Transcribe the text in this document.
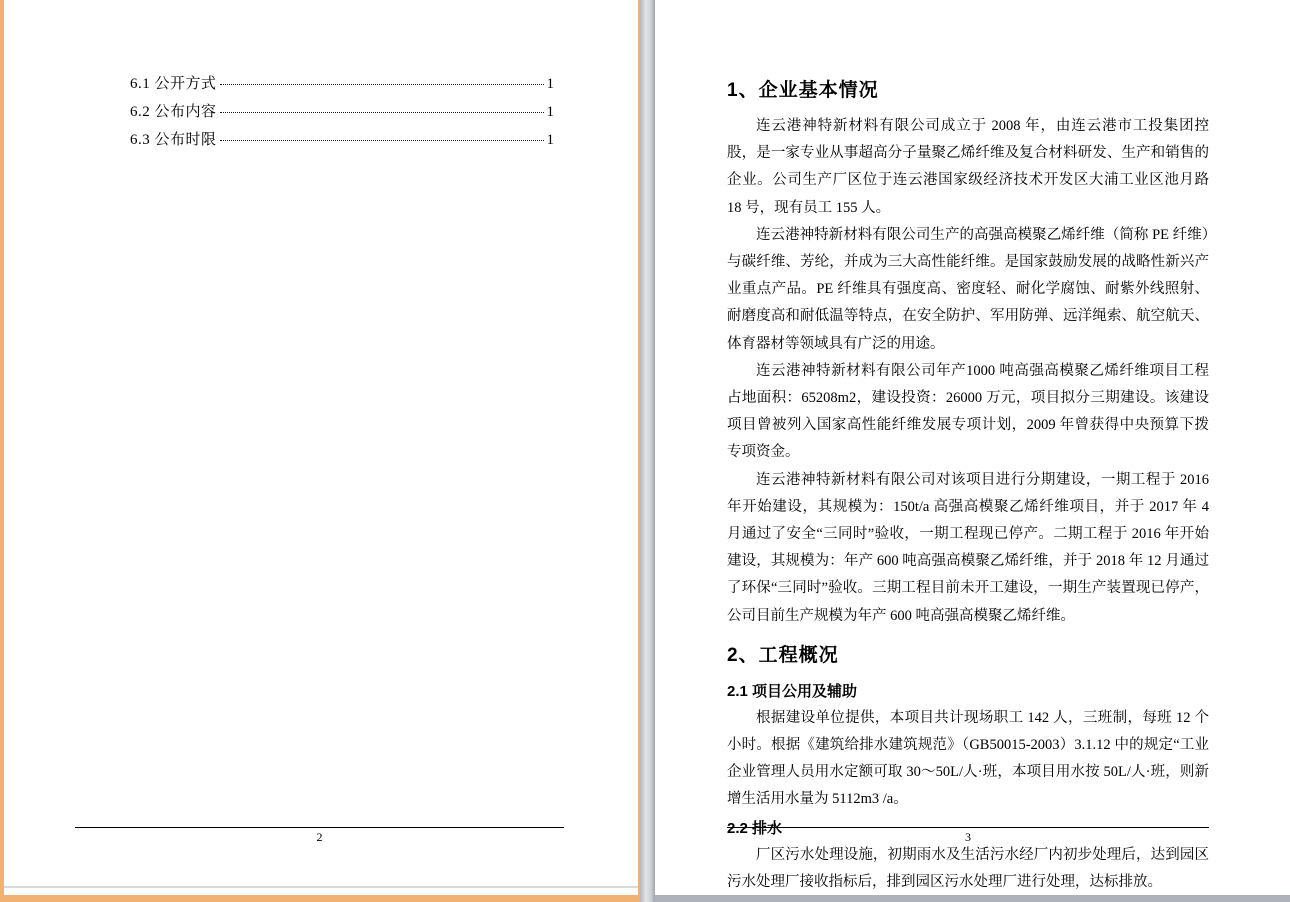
6.1 公开方式	1
6.2 公布内容	1
6.3 公布时限	1
2
1、企业基本情况
连云港神特新材料有限公司成立于 2008 年，由连云港市工投集团控股，是一家专业从事超高分子量聚乙烯纤维及复合材料研发、生产和销售的企业。公司生产厂区位于连云港国家级经济技术开发区大浦工业区池月路 18 号，现有员工 155 人。
连云港神特新材料有限公司生产的高强高模聚乙烯纤维（简称 PE 纤维）与碳纤维、芳纶，并成为三大高性能纤维。是国家鼓励发展的战略性新兴产业重点产品。PE 纤维具有强度高、密度轻、耐化学腐蚀、耐紫外线照射、耐磨度高和耐低温等特点，在安全防护、军用防弹、远洋绳索、航空航天、体育器材等领域具有广泛的用途。
连云港神特新材料有限公司年产1000 吨高强高模聚乙烯纤维项目工程占地面积：65208m2，建设投资：26000 万元，项目拟分三期建设。该建设项目曾被列入国家高性能纤维发展专项计划，2009 年曾获得中央预算下拨专项资金。
连云港神特新材料有限公司对该项目进行分期建设，一期工程于 2016 年开始建设，其规模为：150t/a 高强高模聚乙烯纤维项目，并于 2017 年 4 月通过了安全“三同时”验收，一期工程现已停产。二期工程于 2016 年开始建设，其规模为：年产 600 吨高强高模聚乙烯纤维，并于 2018 年 12 月通过了环保“三同时”验收。三期工程目前未开工建设，一期生产装置现已停产，公司目前生产规模为年产 600 吨高强高模聚乙烯纤维。
2、工程概况
2.1 项目公用及辅助
根据建设单位提供，本项目共计现场职工 142 人，三班制，每班 12 个小时。根据《建筑给排水建筑规范》（GB50015-2003）3.1.12 中的规定“工业企业管理人员用水定额可取 30～50L/人·班，本项目用水按 50L/人·班，则新增生活用水量为 5112m3 /a。
2.2 排水
厂区污水处理设施，初期雨水及生活污水经厂内初步处理后，达到园区污水处理厂接收指标后，排到园区污水处理厂进行处理，达标排放。
3
